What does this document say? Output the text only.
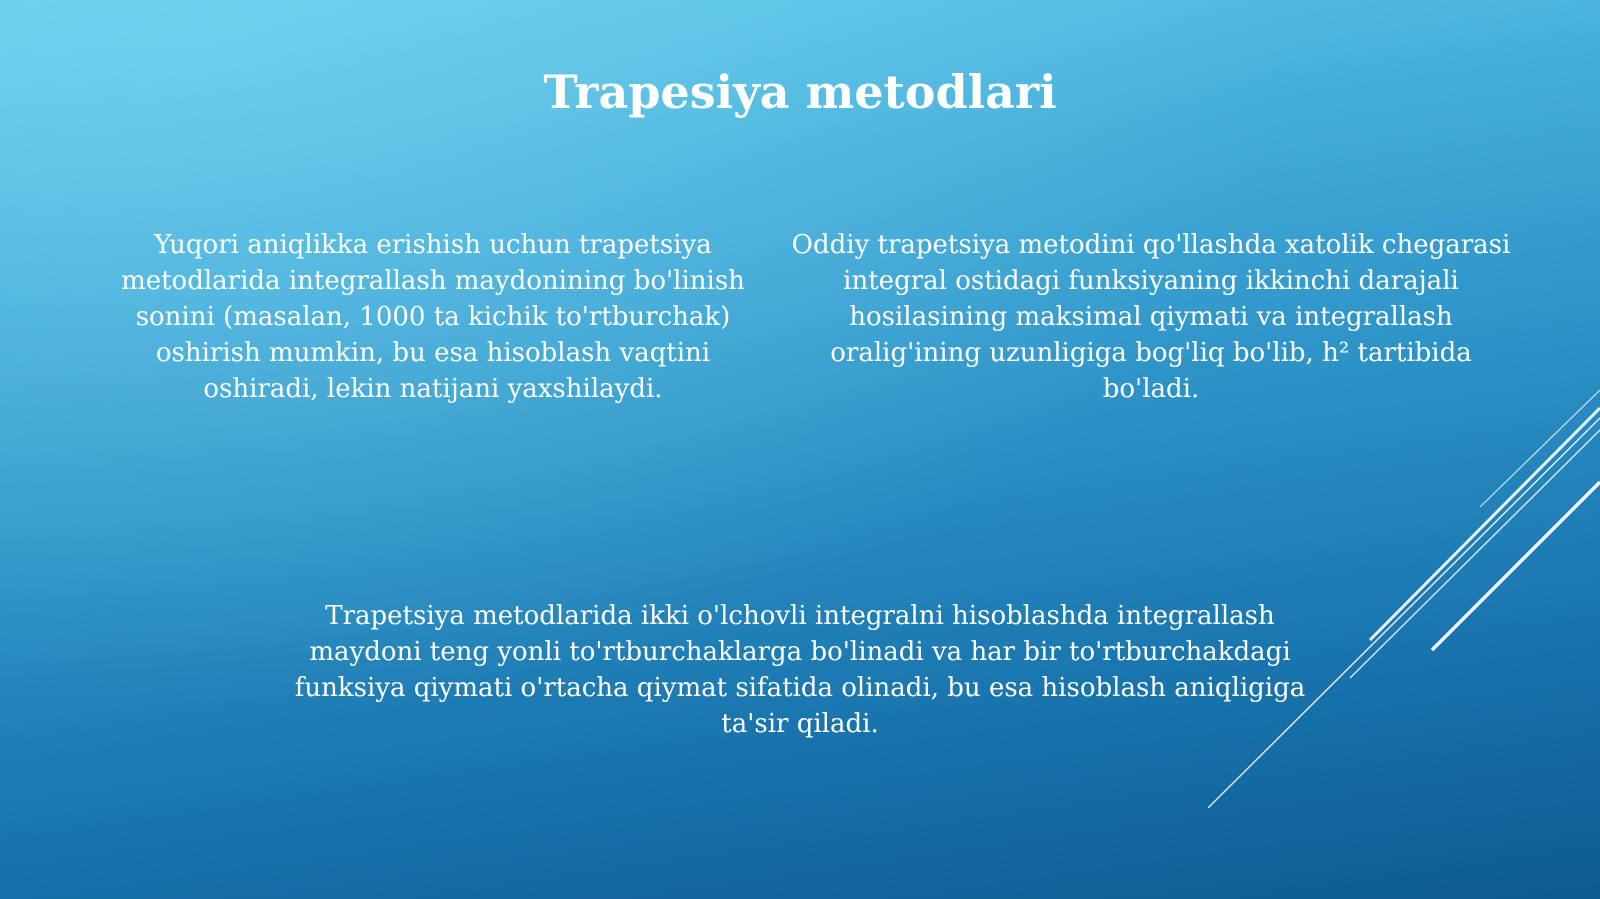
Trapesiya metodlari

Yuqori aniqlikka erishish uchun trapetsiya metodlarida integrallash maydonining bo'linish sonini (masalan, 1000 ta kichik to'rtburchak) oshirish mumkin, bu esa hisoblash vaqtini oshiradi, lekin natijani yaxshilaydi.

Oddiy trapetsiya metodini qo'llashda xatolik chegarasi integral ostidagi funksiyaning ikkinchi darajali hosilasining maksimal qiymati va integrallash oralig'ining uzunligiga bog'liq bo'lib, h² tartibida bo'ladi.

Trapetsiya metodlarida ikki o'lchovli integralni hisoblashda integrallash maydoni teng yonli to'rtburchaklarga bo'linadi va har bir to'rtburchakdagi funksiya qiymati o'rtacha qiymat sifatida olinadi, bu esa hisoblash aniqligiga ta'sir qiladi.
